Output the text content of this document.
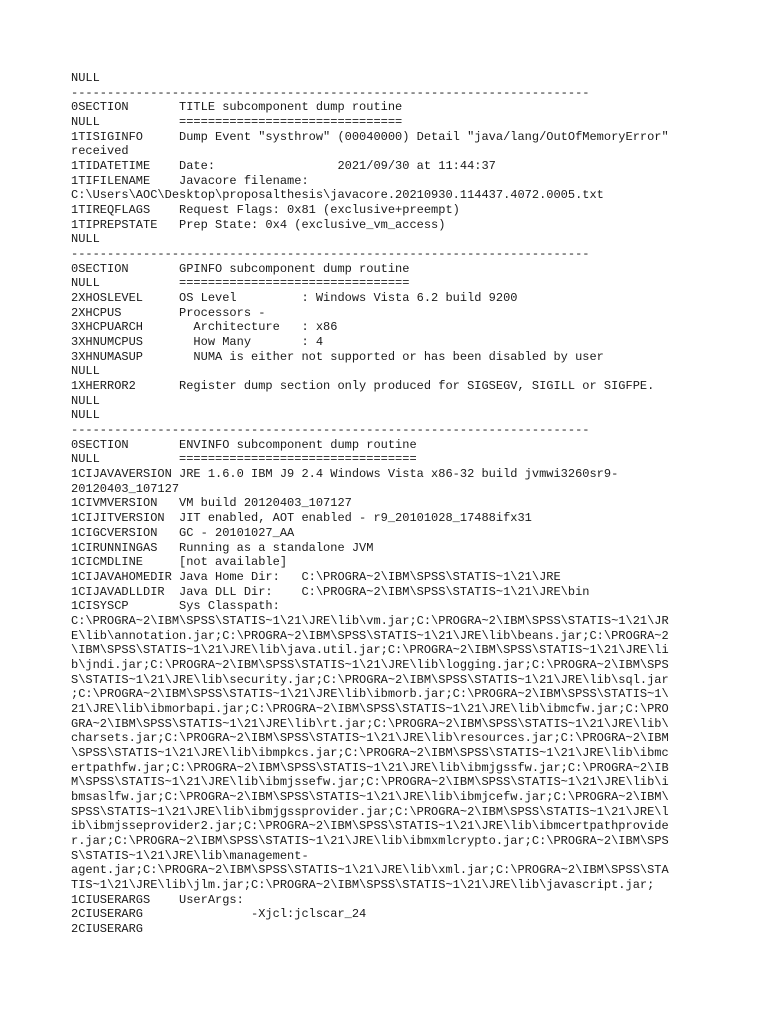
NULL
------------------------------------------------------------------------
0SECTION       TITLE subcomponent dump routine
NULL           ===============================
1TISIGINFO     Dump Event "systhrow" (00040000) Detail "java/lang/OutOfMemoryError"
received
1TIDATETIME    Date:                 2021/09/30 at 11:44:37
1TIFILENAME    Javacore filename:
C:\Users\AOC\Desktop\proposalthesis\javacore.20210930.114437.4072.0005.txt
1TIREQFLAGS    Request Flags: 0x81 (exclusive+preempt)
1TIPREPSTATE   Prep State: 0x4 (exclusive_vm_access)
NULL
------------------------------------------------------------------------
0SECTION       GPINFO subcomponent dump routine
NULL           ================================
2XHOSLEVEL     OS Level         : Windows Vista 6.2 build 9200
2XHCPUS        Processors -
3XHCPUARCH       Architecture   : x86
3XHNUMCPUS       How Many       : 4
3XHNUMASUP       NUMA is either not supported or has been disabled by user
NULL
1XHERROR2      Register dump section only produced for SIGSEGV, SIGILL or SIGFPE.
NULL
NULL
------------------------------------------------------------------------
0SECTION       ENVINFO subcomponent dump routine
NULL           =================================
1CIJAVAVERSION JRE 1.6.0 IBM J9 2.4 Windows Vista x86-32 build jvmwi3260sr9-
20120403_107127
1CIVMVERSION   VM build 20120403_107127
1CIJITVERSION  JIT enabled, AOT enabled - r9_20101028_17488ifx31
1CIGCVERSION   GC - 20101027_AA
1CIRUNNINGAS   Running as a standalone JVM
1CICMDLINE     [not available]
1CIJAVAHOMEDIR Java Home Dir:   C:\PROGRA~2\IBM\SPSS\STATIS~1\21\JRE
1CIJAVADLLDIR  Java DLL Dir:    C:\PROGRA~2\IBM\SPSS\STATIS~1\21\JRE\bin
1CISYSCP       Sys Classpath:
C:\PROGRA~2\IBM\SPSS\STATIS~1\21\JRE\lib\vm.jar;C:\PROGRA~2\IBM\SPSS\STATIS~1\21\JR
E\lib\annotation.jar;C:\PROGRA~2\IBM\SPSS\STATIS~1\21\JRE\lib\beans.jar;C:\PROGRA~2
\IBM\SPSS\STATIS~1\21\JRE\lib\java.util.jar;C:\PROGRA~2\IBM\SPSS\STATIS~1\21\JRE\li
b\jndi.jar;C:\PROGRA~2\IBM\SPSS\STATIS~1\21\JRE\lib\logging.jar;C:\PROGRA~2\IBM\SPS
S\STATIS~1\21\JRE\lib\security.jar;C:\PROGRA~2\IBM\SPSS\STATIS~1\21\JRE\lib\sql.jar
;C:\PROGRA~2\IBM\SPSS\STATIS~1\21\JRE\lib\ibmorb.jar;C:\PROGRA~2\IBM\SPSS\STATIS~1\
21\JRE\lib\ibmorbapi.jar;C:\PROGRA~2\IBM\SPSS\STATIS~1\21\JRE\lib\ibmcfw.jar;C:\PRO
GRA~2\IBM\SPSS\STATIS~1\21\JRE\lib\rt.jar;C:\PROGRA~2\IBM\SPSS\STATIS~1\21\JRE\lib\
charsets.jar;C:\PROGRA~2\IBM\SPSS\STATIS~1\21\JRE\lib\resources.jar;C:\PROGRA~2\IBM
\SPSS\STATIS~1\21\JRE\lib\ibmpkcs.jar;C:\PROGRA~2\IBM\SPSS\STATIS~1\21\JRE\lib\ibmc
ertpathfw.jar;C:\PROGRA~2\IBM\SPSS\STATIS~1\21\JRE\lib\ibmjgssfw.jar;C:\PROGRA~2\IB
M\SPSS\STATIS~1\21\JRE\lib\ibmjssefw.jar;C:\PROGRA~2\IBM\SPSS\STATIS~1\21\JRE\lib\i
bmsaslfw.jar;C:\PROGRA~2\IBM\SPSS\STATIS~1\21\JRE\lib\ibmjcefw.jar;C:\PROGRA~2\IBM\
SPSS\STATIS~1\21\JRE\lib\ibmjgssprovider.jar;C:\PROGRA~2\IBM\SPSS\STATIS~1\21\JRE\l
ib\ibmjsseprovider2.jar;C:\PROGRA~2\IBM\SPSS\STATIS~1\21\JRE\lib\ibmcertpathprovide
r.jar;C:\PROGRA~2\IBM\SPSS\STATIS~1\21\JRE\lib\ibmxmlcrypto.jar;C:\PROGRA~2\IBM\SPS
S\STATIS~1\21\JRE\lib\management-
agent.jar;C:\PROGRA~2\IBM\SPSS\STATIS~1\21\JRE\lib\xml.jar;C:\PROGRA~2\IBM\SPSS\STA
TIS~1\21\JRE\lib\jlm.jar;C:\PROGRA~2\IBM\SPSS\STATIS~1\21\JRE\lib\javascript.jar;
1CIUSERARGS    UserArgs:
2CIUSERARG               -Xjcl:jclscar_24
2CIUSERARG
